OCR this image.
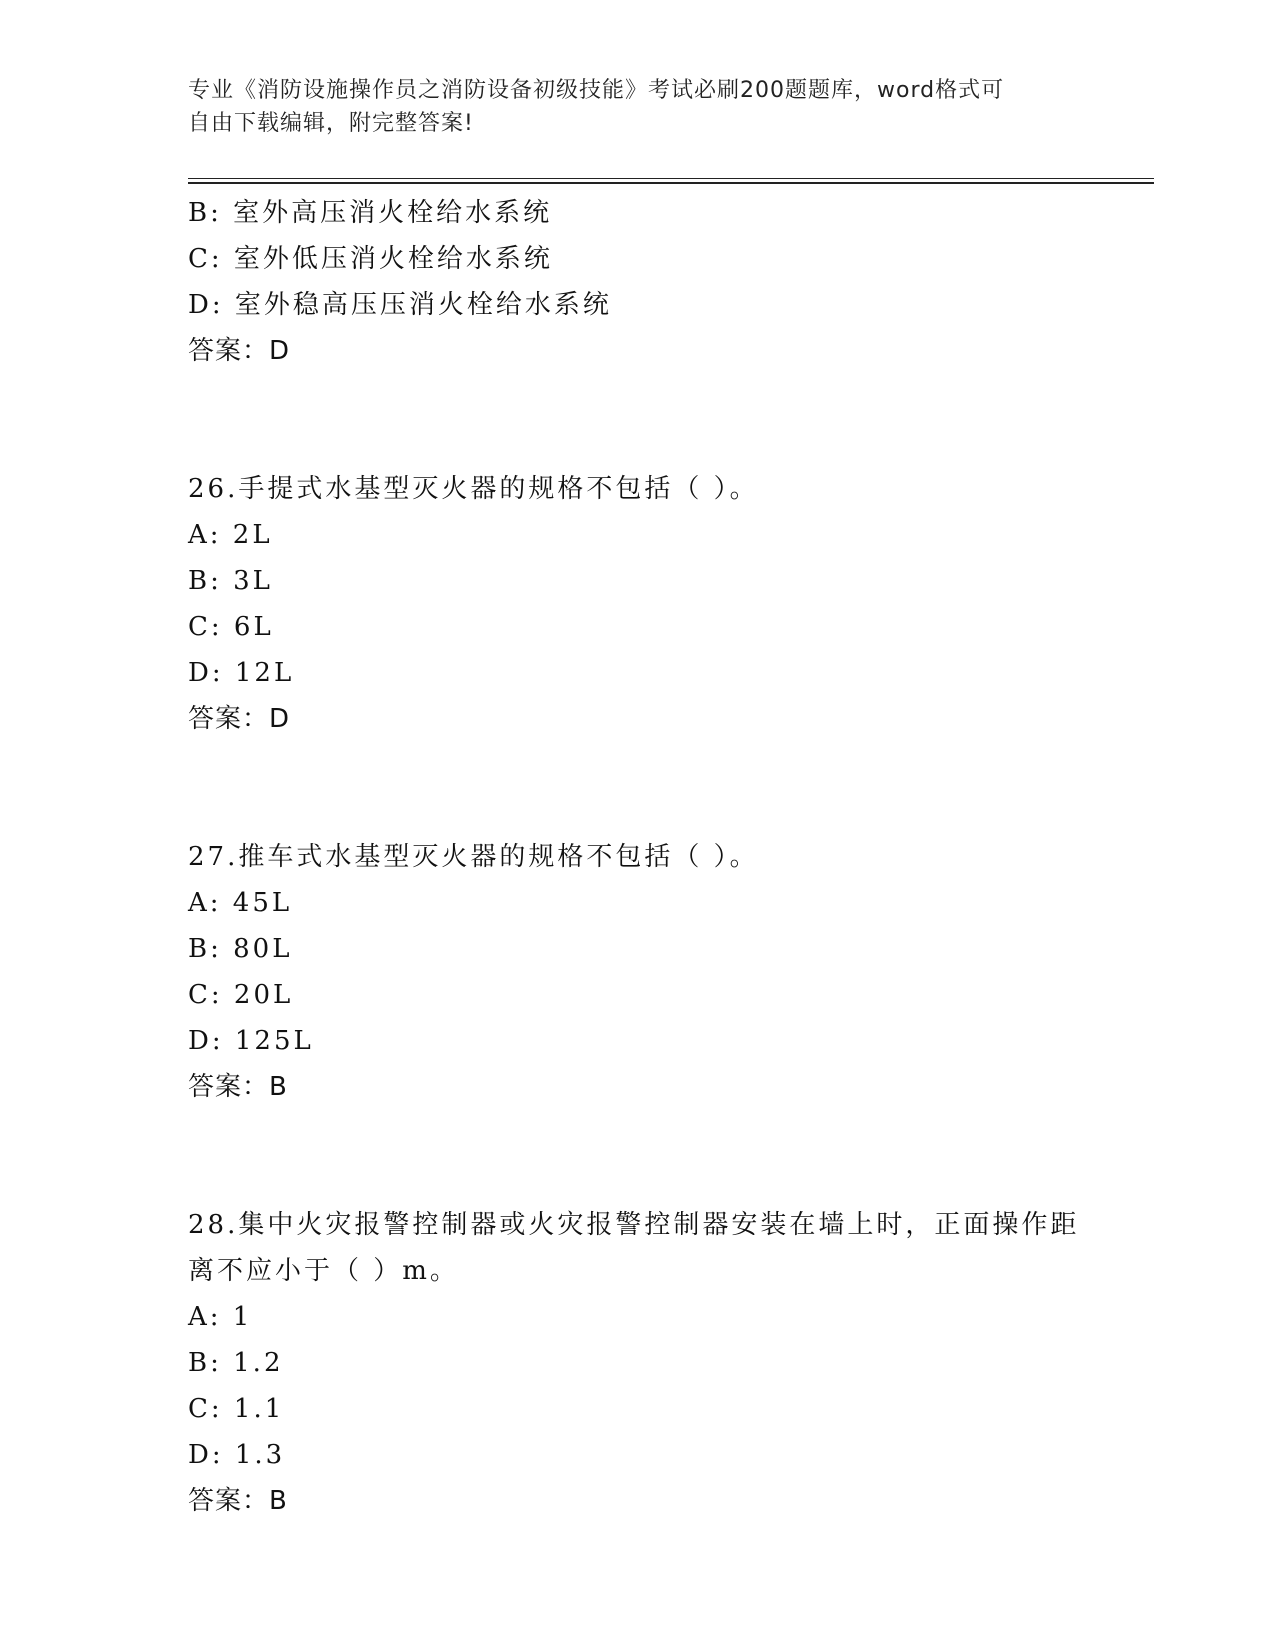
专业《消防设施操作员之消防设备初级技能》考试必刷200题题库，word格式可
自由下载编辑，附完整答案!
B: 室外高压消火栓给水系统
C: 室外低压消火栓给水系统
D: 室外稳高压压消火栓给水系统
答案：D
26.手提式水基型灭火器的规格不包括（ ）。
A: 2L
B: 3L
C: 6L
D: 12L
答案：D
27.推车式水基型灭火器的规格不包括（ ）。
A: 45L
B: 80L
C: 20L
D: 125L
答案：B
28.集中火灾报警控制器或火灾报警控制器安装在墙上时，正面操作距
离不应小于（ ）m。
A: 1
B: 1.2
C: 1.1
D: 1.3
答案：B
